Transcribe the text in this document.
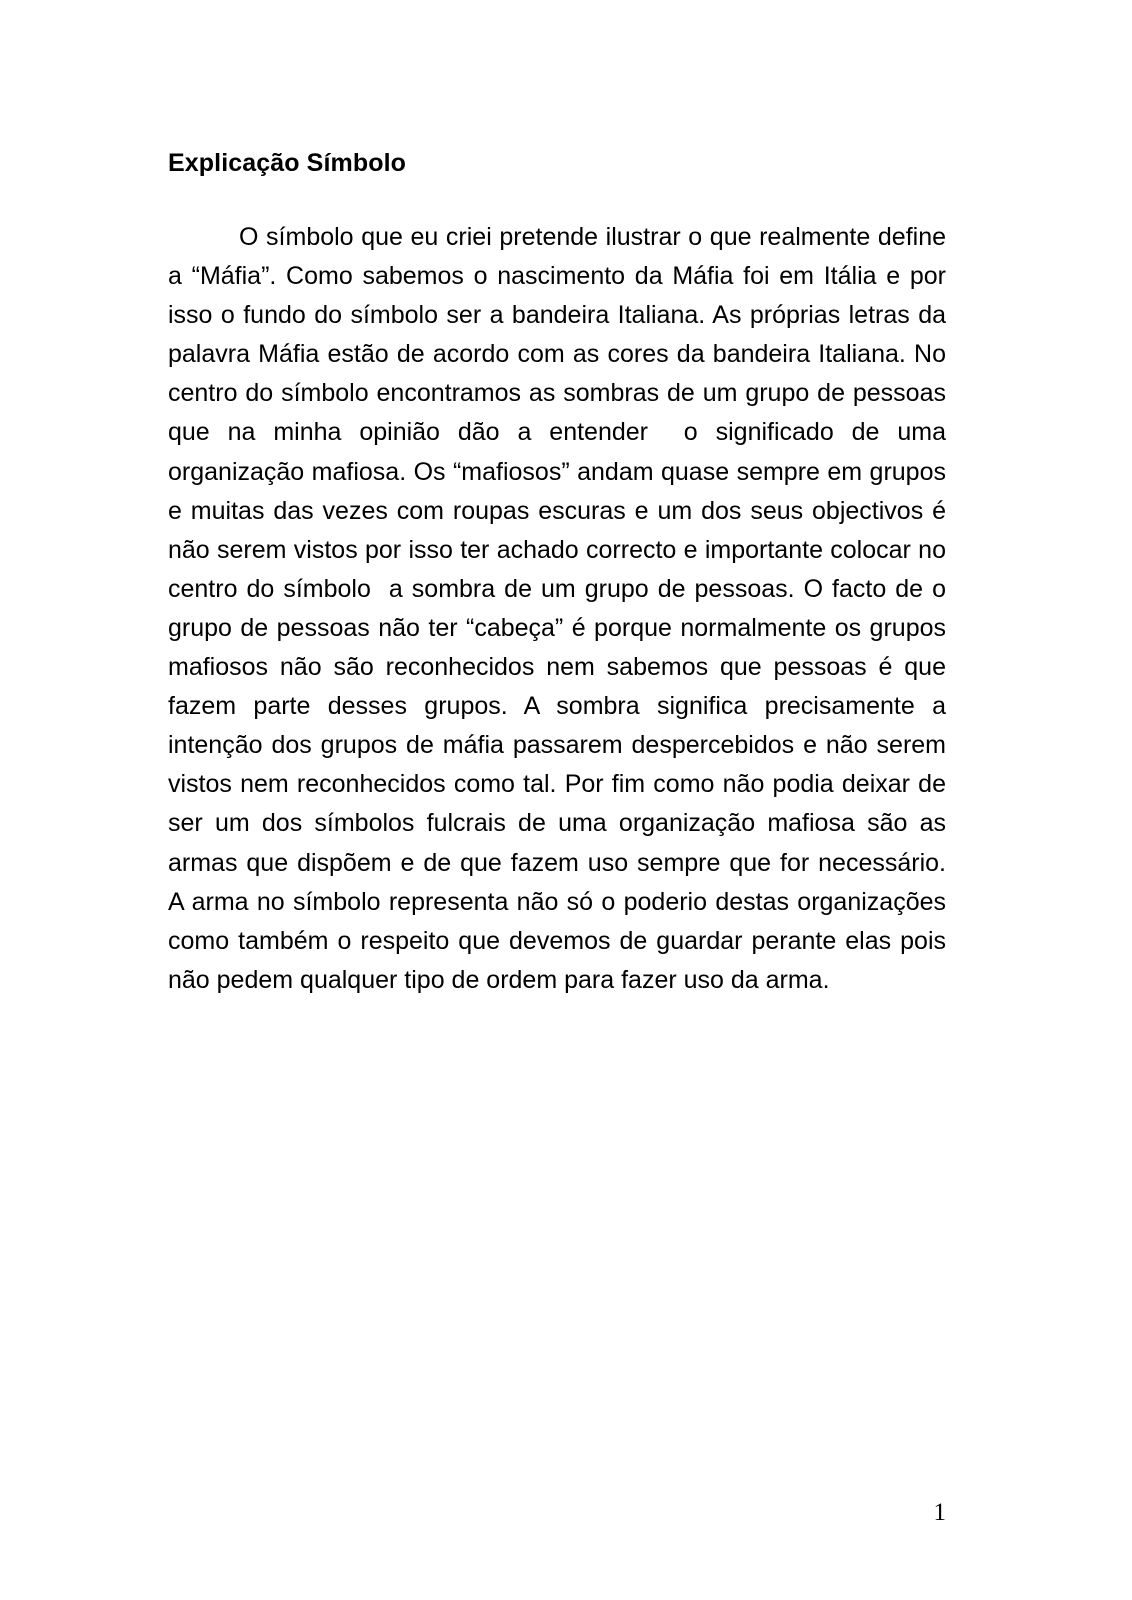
Explicação Símbolo

O símbolo que eu criei pretende ilustrar o que realmente define a “Máfia”. Como sabemos o nascimento da Máfia foi em Itália e por isso o fundo do símbolo ser a bandeira Italiana. As próprias letras da palavra Máfia estão de acordo com as cores da bandeira Italiana. No centro do símbolo encontramos as sombras de um grupo de pessoas que na minha opinião dão a entender  o significado de uma organização mafiosa. Os “mafiosos” andam quase sempre em grupos e muitas das vezes com roupas escuras e um dos seus objectivos é não serem vistos por isso ter achado correcto e importante colocar no centro do símbolo  a sombra de um grupo de pessoas. O facto de o grupo de pessoas não ter “cabeça” é porque normalmente os grupos mafiosos não são reconhecidos nem sabemos que pessoas é que fazem parte desses grupos. A sombra significa precisamente a intenção dos grupos de máfia passarem despercebidos e não serem vistos nem reconhecidos como tal. Por fim como não podia deixar de ser um dos símbolos fulcrais de uma organização mafiosa são as armas que dispõem e de que fazem uso sempre que for necessário.  A arma no símbolo representa não só o poderio destas organizações como também o respeito que devemos de guardar perante elas pois não pedem qualquer tipo de ordem para fazer uso da arma.

1
